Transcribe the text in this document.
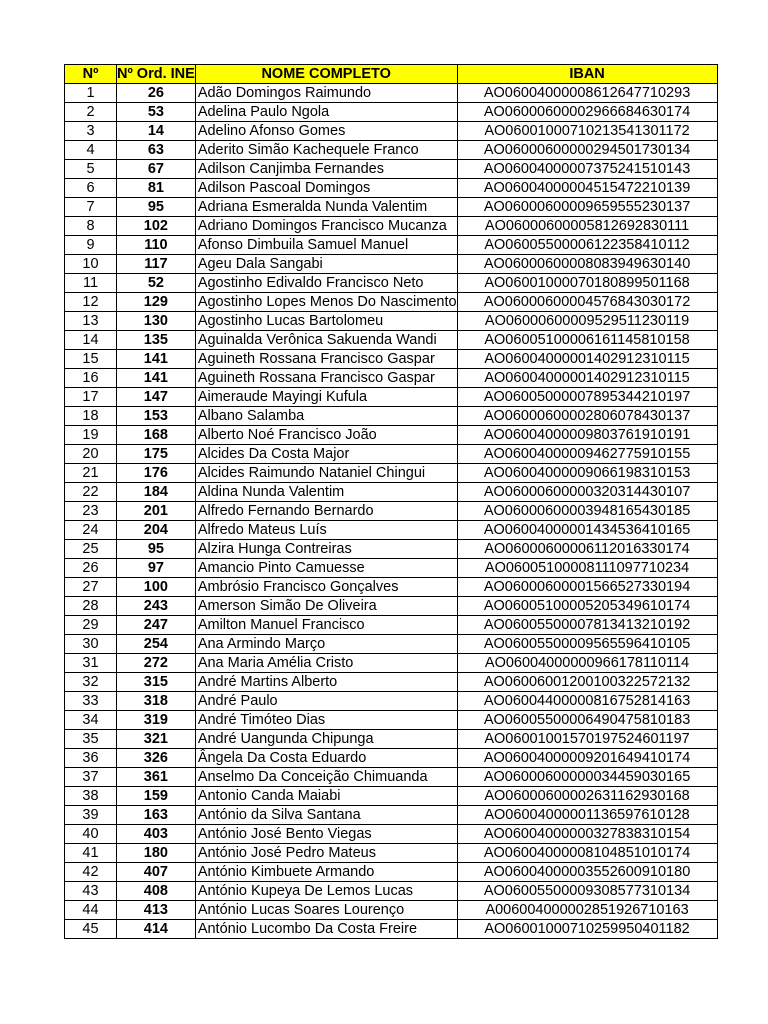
Nº	Nº Ord. INE	NOME COMPLETO	IBAN
1	26	Adão Domingos Raimundo	AO06004000008612647710293
2	53	Adelina Paulo Ngola	AO06000600002966684630174
3	14	Adelino Afonso Gomes	AO06001000710213541301172
4	63	Aderito Simão Kachequele Franco	AO06000600000294501730134
5	67	Adilson Canjimba Fernandes	AO06004000007375241510143
6	81	Adilson Pascoal Domingos	AO06004000004515472210139
7	95	Adriana Esmeralda Nunda Valentim	AO06000600009659555230137
8	102	Adriano Domingos Francisco Mucanza	AO06000600005812692830111
9	110	Afonso Dimbuila Samuel Manuel	AO06005500006122358410112
10	117	Ageu Dala Sangabi	AO06000600008083949630140
11	52	Agostinho Edivaldo Francisco Neto	AO06001000070180899501168
12	129	Agostinho Lopes Menos Do Nascimento	AO06000600004576843030172
13	130	Agostinho Lucas Bartolomeu	AO06000600009529511230119
14	135	Aguinalda Verônica Sakuenda Wandi	AO06005100006161145810158
15	141	Aguineth Rossana Francisco Gaspar	AO06004000001402912310115
16	141	Aguineth Rossana Francisco Gaspar	AO06004000001402912310115
17	147	Aimeraude Mayingi Kufula	AO06005000007895344210197
18	153	Albano Salamba	AO06000600002806078430137
19	168	Alberto Noé Francisco João	AO06004000009803761910191
20	175	Alcides Da Costa Major	AO06004000009462775910155
21	176	Alcides Raimundo Nataniel Chingui	AO06004000009066198310153
22	184	Aldina Nunda Valentim	AO06000600000320314430107
23	201	Alfredo Fernando Bernardo	AO06000600003948165430185
24	204	Alfredo Mateus Luís	AO06004000001434536410165
25	95	Alzira Hunga Contreiras	AO06000600006112016330174
26	97	Amancio Pinto Camuesse	AO06005100008111097710234
27	100	Ambrósio Francisco Gonçalves	AO06000600001566527330194
28	243	Amerson Simão De Oliveira	AO06005100005205349610174
29	247	Amilton Manuel Francisco	AO06005500007813413210192
30	254	Ana Armindo Março	AO06005500009565596410105
31	272	Ana Maria Amélia Cristo	AO06004000000966178110114
32	315	André Martins Alberto	AO06006001200100322572132
33	318	André Paulo	AO06004400000816752814163
34	319	André Timóteo Dias	AO06005500006490475810183
35	321	André Uangunda Chipunga	AO06001001570197524601197
36	326	Ângela Da Costa Eduardo	AO06004000009201649410174
37	361	Anselmo Da Conceição Chimuanda	AO06000600000034459030165
38	159	Antonio Canda Maiabi	AO06000600002631162930168
39	163	António da Silva Santana	AO06004000001136597610128
40	403	António José Bento Viegas	AO06004000000327838310154
41	180	António José Pedro Mateus	AO06004000008104851010174
42	407	António Kimbuete Armando	AO06004000003552600910180
43	408	António Kupeya De Lemos Lucas	AO06005500009308577310134
44	413	António Lucas Soares Lourenço	A006004000002851926710163
45	414	António Lucombo Da Costa Freire	AO06001000710259950401182
